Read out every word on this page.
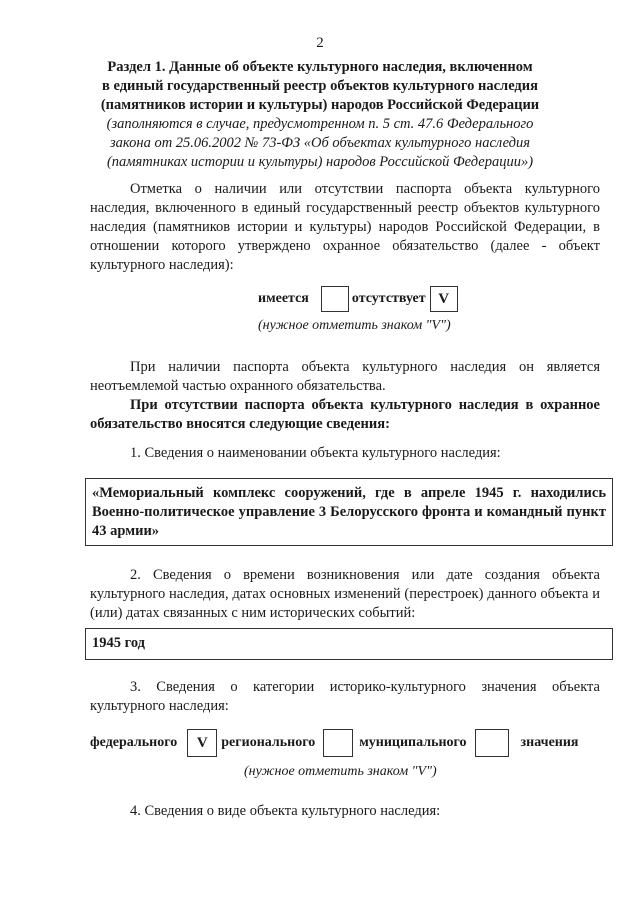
2
Раздел 1. Данные об объекте культурного наследия, включенном
в единый государственный реестр объектов культурного наследия
(памятников истории и культуры) народов Российской Федерации
(заполняются в случае, предусмотренном п. 5 ст. 47.6 Федерального
закона от 25.06.2002 № 73-ФЗ «Об объектах культурного наследия
(памятниках истории и культуры) народов Российской Федерации»)
Отметка о наличии или отсутствии паспорта объекта культурного наследия, включенного в единый государственный реестр объектов культурного наследия (памятников истории и культуры) народов Российской Федерации, в отношении которого утверждено охранное обязательство (далее - объект культурного наследия):
имеется	отсутствует V
(нужное отметить знаком "V")
При наличии паспорта объекта культурного наследия он является неотъемлемой частью охранного обязательства.
При отсутствии паспорта объекта культурного наследия в охранное обязательство вносятся следующие сведения:
1. Сведения о наименовании объекта культурного наследия:
«Мемориальный комплекс сооружений, где в апреле 1945 г. находились Военно-политическое управление 3 Белорусского фронта и командный пункт 43 армии»
2. Сведения о времени возникновения или дате создания объекта культурного наследия, датах основных изменений (перестроек) данного объекта и (или) датах связанных с ним исторических событий:
1945 год
3. Сведения о категории историко-культурного значения объекта культурного наследия:
федерального	V регионального	муниципального	значения
(нужное отметить знаком "V")
4. Сведения о виде объекта культурного наследия:
